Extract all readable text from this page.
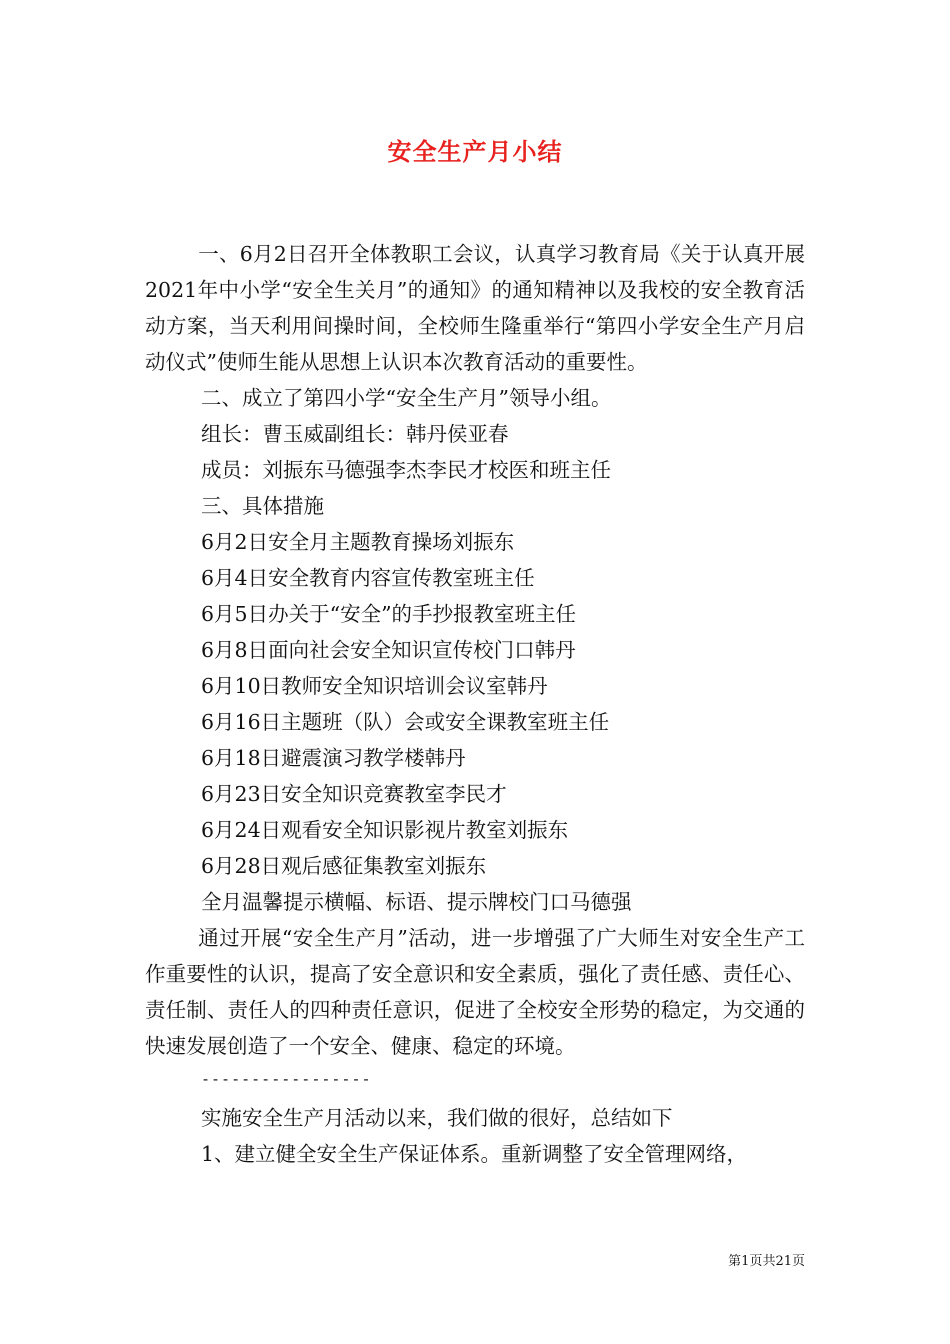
安全生产月小结

一、6月2日召开全体教职工会议，认真学习教育局《关于认真开展2021年中小学“安全生关月”的通知》的通知精神以及我校的安全教育活动方案，当天利用间操时间，全校师生隆重举行“第四小学安全生产月启动仪式”使师生能从思想上认识本次教育活动的重要性。

二、成立了第四小学“安全生产月”领导小组。

组长：曹玉威副组长：韩丹侯亚春

成员：刘振东马德强李杰李民才校医和班主任

三、具体措施

6月2日安全月主题教育操场刘振东

6月4日安全教育内容宣传教室班主任

6月5日办关于“安全”的手抄报教室班主任

6月8日面向社会安全知识宣传校门口韩丹

6月10日教师安全知识培训会议室韩丹

6月16日主题班（队）会或安全课教室班主任

6月18日避震演习教学楼韩丹

6月23日安全知识竞赛教室李民才

6月24日观看安全知识影视片教室刘振东

6月28日观后感征集教室刘振东

全月温馨提示横幅、标语、提示牌校门口马德强

通过开展“安全生产月”活动，进一步增强了广大师生对安全生产工作重要性的认识，提高了安全意识和安全素质，强化了责任感、责任心、责任制、责任人的四种责任意识，促进了全校安全形势的稳定，为交通的快速发展创造了一个安全、健康、稳定的环境。

-----------------

实施安全生产月活动以来，我们做的很好，总结如下

1、建立健全安全生产保证体系。重新调整了安全管理网络，

第1页共21页
